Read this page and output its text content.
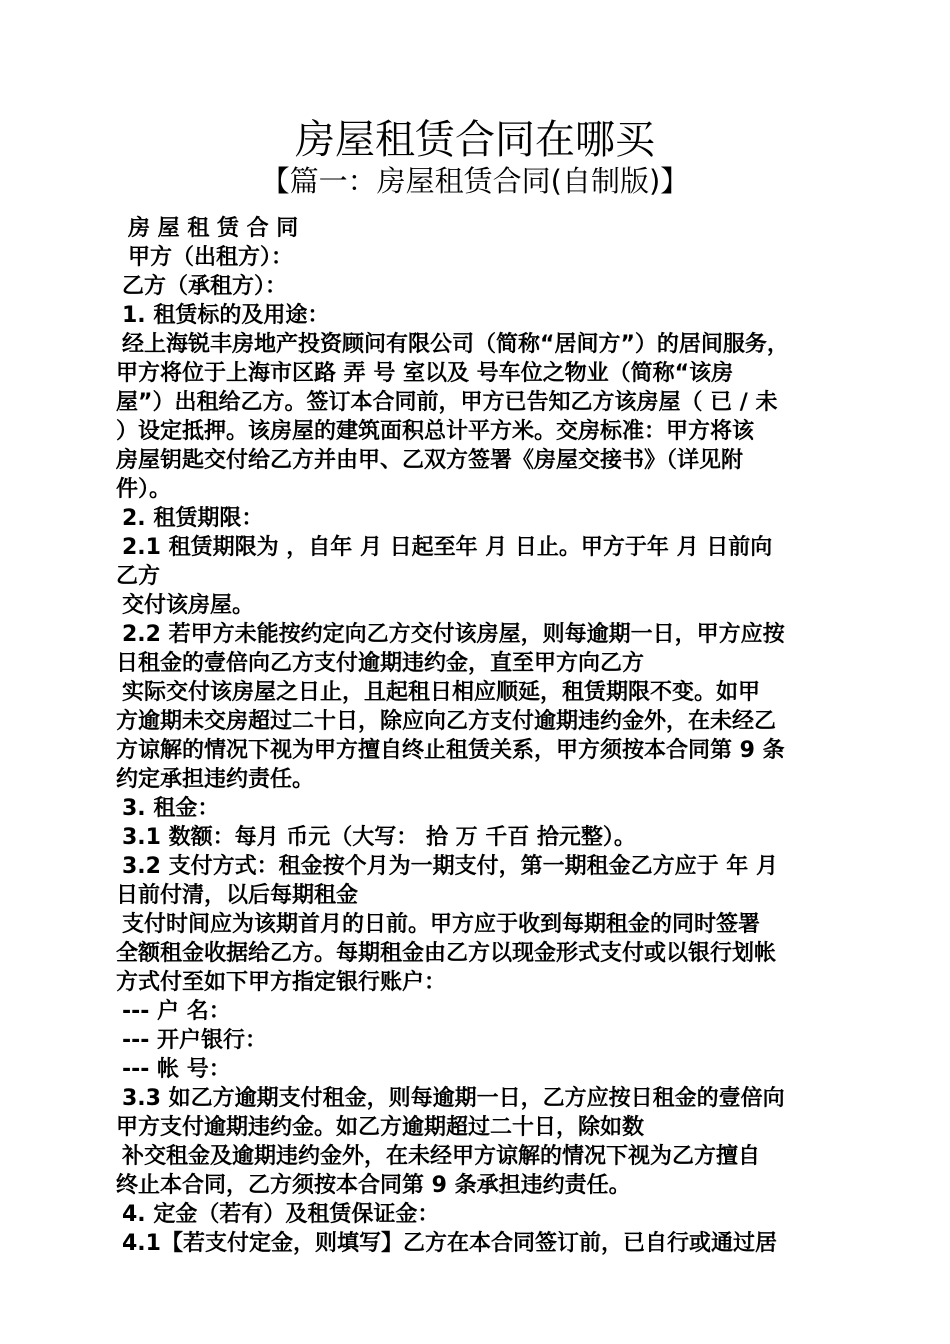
房屋租赁合同在哪买
【篇一：房屋租赁合同(自制版)】
房 屋 租 赁 合 同
甲方（出租方）：
乙方（承租方）：
1. 租赁标的及用途：
经上海锐丰房地产投资顾问有限公司（简称“居间方”）的居间服务，
甲方将位于上海市区路 弄 号 室以及 号车位之物业（简称“该房
屋”）出租给乙方。签订本合同前，甲方已告知乙方该房屋（ 已 / 未
）设定抵押。该房屋的建筑面积总计平方米。交房标准：甲方将该
房屋钥匙交付给乙方并由甲、乙双方签署《房屋交接书》（详见附
件）。
2. 租赁期限：
2.1 租赁期限为 ，自年 月 日起至年 月 日止。甲方于年 月 日前向
乙方
交付该房屋。
2.2 若甲方未能按约定向乙方交付该房屋，则每逾期一日，甲方应按
日租金的壹倍向乙方支付逾期违约金，直至甲方向乙方
实际交付该房屋之日止，且起租日相应顺延，租赁期限不变。如甲
方逾期未交房超过二十日，除应向乙方支付逾期违约金外，在未经乙
方谅解的情况下视为甲方擅自终止租赁关系，甲方须按本合同第 9 条
约定承担违约责任。
3. 租金：
3.1 数额：每月 币元（大写： 拾 万 千百 拾元整）。
3.2 支付方式：租金按个月为一期支付，第一期租金乙方应于 年 月
日前付清，以后每期租金
支付时间应为该期首月的日前。甲方应于收到每期租金的同时签署
全额租金收据给乙方。每期租金由乙方以现金形式支付或以银行划帐
方式付至如下甲方指定银行账户：
--- 户 名：
--- 开户银行：
--- 帐 号：
3.3 如乙方逾期支付租金，则每逾期一日，乙方应按日租金的壹倍向
甲方支付逾期违约金。如乙方逾期超过二十日，除如数
补交租金及逾期违约金外，在未经甲方谅解的情况下视为乙方擅自
终止本合同，乙方须按本合同第 9 条承担违约责任。
4. 定金（若有）及租赁保证金：
4.1【若支付定金，则填写】乙方在本合同签订前，已自行或通过居
